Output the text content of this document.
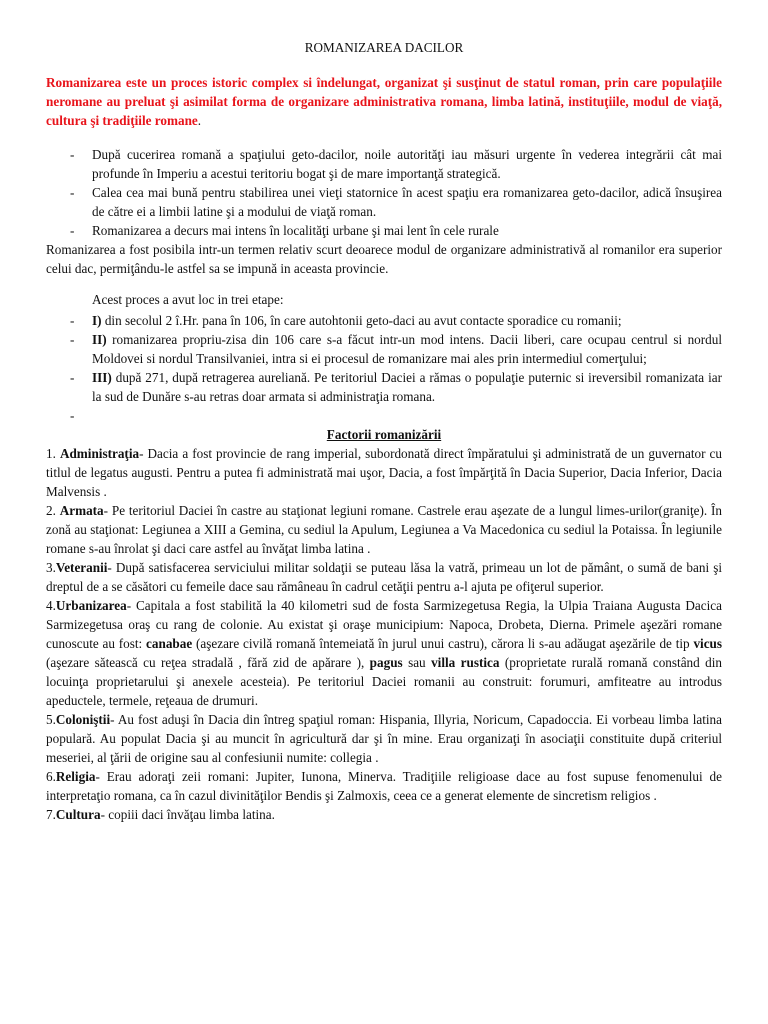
ROMANIZAREA DACILOR

Romanizarea este un proces istoric complex si îndelungat, organizat şi susţinut de statul roman, prin care populaţiile neromane au preluat şi asimilat forma de organizare administrativa romana, limba latină, instituţiile, modul de viaţă, cultura şi tradiţiile romane.

- După cucerirea romană a spaţiului geto-dacilor, noile autorităţi iau măsuri urgente în vederea integrării cât mai profunde în Imperiu a acestui teritoriu bogat şi de mare importanţă strategică.
- Calea cea mai bună pentru stabilirea unei vieţi statornice în acest spaţiu era romanizarea geto-dacilor, adică însuşirea de către ei a limbii latine şi a modului de viaţă roman.
- Romanizarea a decurs mai intens în localităţi urbane şi mai lent în cele rurale

Romanizarea a fost posibila intr-un termen relativ scurt deoarece modul de organizare administrativă al romanilor era superior celui dac, permiţându-le astfel sa se impună in aceasta provincie.

Acest proces a avut loc in trei etape:

- I) din secolul 2 î.Hr. pana în 106, în care autohtonii geto-daci au avut contacte sporadice cu romanii;
- II) romanizarea propriu-zisa din 106 care s-a făcut intr-un mod intens. Dacii liberi, care ocupau centrul si nordul Moldovei si nordul Transilvaniei, intra si ei procesul de romanizare mai ales prin intermediul comerţului;
- III) după 271, după retragerea aureliană. Pe teritoriul Daciei a rămas o populaţie puternic si ireversibil romanizata iar la sud de Dunăre s-au retras doar armata si administraţia romana.
-

Factorii romanizării

1. Administraţia- Dacia a fost provincie de rang imperial, subordonată direct împăratului şi administrată de un guvernator cu titlul de legatus augusti. Pentru a putea fi administrată mai uşor, Dacia, a fost împărţită în Dacia Superior, Dacia Inferior, Dacia Malvensis .

2. Armata- Pe teritoriul Daciei în castre au staţionat legiuni romane. Castrele erau aşezate de a lungul limes-urilor(graniţe). În zonă au staţionat: Legiunea a XIII a Gemina, cu sediul la Apulum, Legiunea a Va Macedonica cu sediul la Potaissa. În legiunile romane s-au înrolat şi daci care astfel au învăţat limba latina .

3.Veteranii- După satisfacerea serviciului militar soldaţii se puteau lăsa la vatră, primeau un lot de pământ, o sumă de bani şi dreptul de a se căsători cu femeile dace sau rămâneau în cadrul cetăţii pentru a-l ajuta pe ofiţerul superior.

4.Urbanizarea- Capitala a fost stabilită la 40 kilometri sud de fosta Sarmizegetusa Regia, la Ulpia Traiana Augusta Dacica Sarmizegetusa oraş cu rang de colonie. Au existat şi oraşe municipium: Napoca, Drobeta, Dierna. Primele aşezări romane cunoscute au fost: canabae (aşezare civilă romană întemeiată în jurul unui castru), cărora li s-au adăugat aşezările de tip vicus (aşezare sătească cu reţea stradală , fără zid de apărare ), pagus sau villa rustica (proprietate rurală romană constând din locuinţa proprietarului şi anexele acesteia). Pe teritoriul Daciei romanii au construit: forumuri, amfiteatre au introdus apeductele, termele, reţeaua de drumuri.

5.Coloniştii- Au fost aduşi în Dacia din întreg spaţiul roman: Hispania, Illyria, Noricum, Capadoccia. Ei vorbeau limba latina populară. Au populat Dacia şi au muncit în agricultură dar şi în mine. Erau organizaţi în asociaţii constituite după criteriul meseriei, al ţării de origine sau al confesiunii numite: collegia .

6.Religia- Erau adoraţi zeii romani: Jupiter, Iunona, Minerva. Tradiţiile religioase dace au fost supuse fenomenului de interpretaţio romana, ca în cazul divinităţilor Bendis şi Zalmoxis, ceea ce a generat elemente de sincretism religios .

7.Cultura- copiii daci învăţau limba latina.
